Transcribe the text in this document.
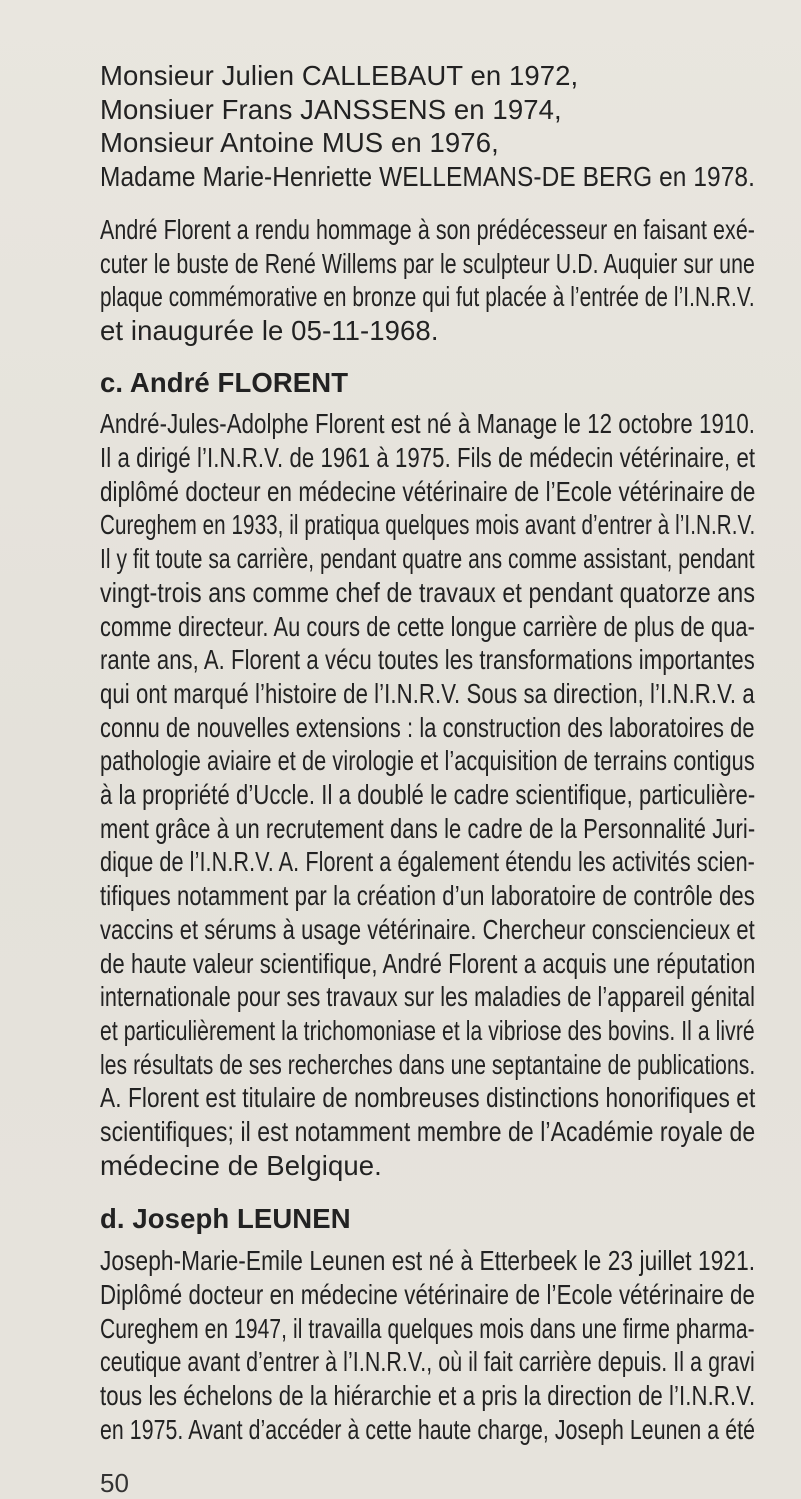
Monsieur Julien CALLEBAUT en 1972,
Monsiuer Frans JANSSENS en 1974,
Monsieur Antoine MUS en 1976,
Madame Marie-Henriette WELLEMANS-DE BERG en 1978.
André Florent a rendu hommage à son prédécesseur en faisant exé-
cuter le buste de René Willems par le sculpteur U.D. Auquier sur une
plaque commémorative en bronze qui fut placée à l’entrée de l’I.N.R.V.
et inaugurée le 05-11-1968.
c. André FLORENT
André-Jules-Adolphe Florent est né à Manage le 12 octobre 1910.
Il a dirigé l’I.N.R.V. de 1961 à 1975. Fils de médecin vétérinaire, et
diplômé docteur en médecine vétérinaire de l’Ecole vétérinaire de
Cureghem en 1933, il pratiqua quelques mois avant d’entrer à l’I.N.R.V.
Il y fit toute sa carrière, pendant quatre ans comme assistant, pendant
vingt-trois ans comme chef de travaux et pendant quatorze ans
comme directeur. Au cours de cette longue carrière de plus de qua-
rante ans, A. Florent a vécu toutes les transformations importantes
qui ont marqué l’histoire de l’I.N.R.V. Sous sa direction, l’I.N.R.V. a
connu de nouvelles extensions : la construction des laboratoires de
pathologie aviaire et de virologie et l’acquisition de terrains contigus
à la propriété d’Uccle. Il a doublé le cadre scientifique, particulière-
ment grâce à un recrutement dans le cadre de la Personnalité Juri-
dique de l’I.N.R.V. A. Florent a également étendu les activités scien-
tifiques notamment par la création d’un laboratoire de contrôle des
vaccins et sérums à usage vétérinaire. Chercheur consciencieux et
de haute valeur scientifique, André Florent a acquis une réputation
internationale pour ses travaux sur les maladies de l’appareil génital
et particulièrement la trichomoniase et la vibriose des bovins. Il a livré
les résultats de ses recherches dans une septantaine de publications.
A. Florent est titulaire de nombreuses distinctions honorifiques et
scientifiques; il est notamment membre de l’Académie royale de
médecine de Belgique.
d. Joseph LEUNEN
Joseph-Marie-Emile Leunen est né à Etterbeek le 23 juillet 1921.
Diplômé docteur en médecine vétérinaire de l’Ecole vétérinaire de
Cureghem en 1947, il travailla quelques mois dans une firme pharma-
ceutique avant d’entrer à l’I.N.R.V., où il fait carrière depuis. Il a gravi
tous les échelons de la hiérarchie et a pris la direction de l’I.N.R.V.
en 1975. Avant d’accéder à cette haute charge, Joseph Leunen a été
50
